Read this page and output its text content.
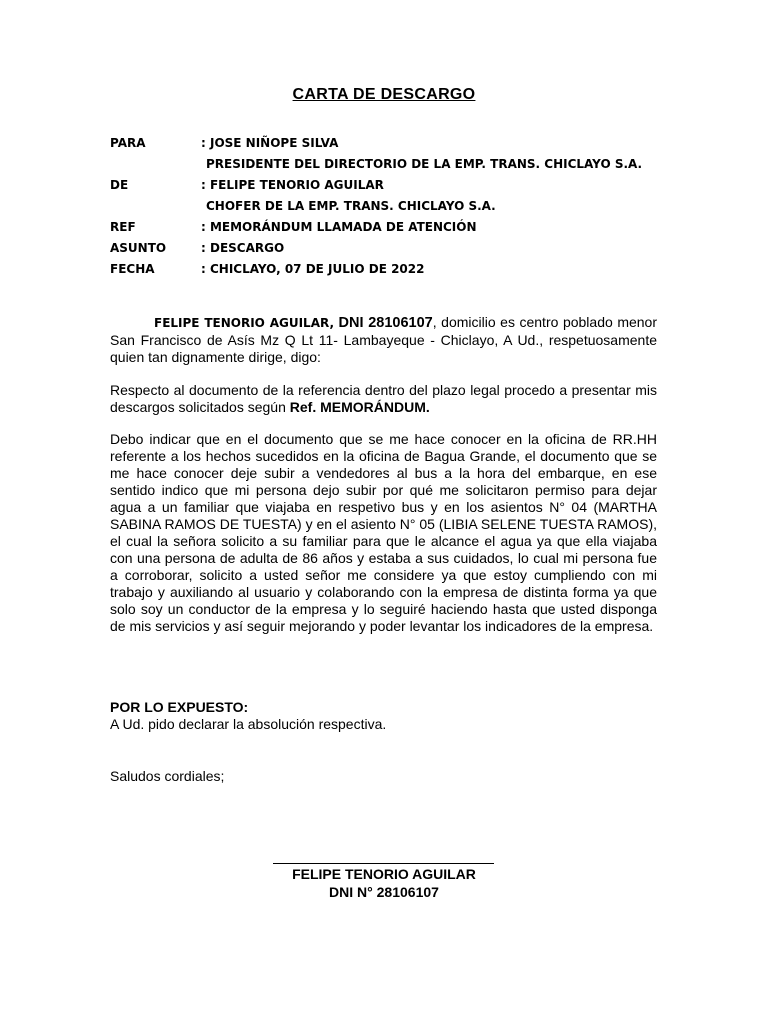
CARTA DE DESCARGO
PARA	: JOSE NIÑOPE SILVA
PRESIDENTE DEL DIRECTORIO DE LA EMP. TRANS. CHICLAYO S.A.
DE	: FELIPE TENORIO AGUILAR
CHOFER DE LA EMP. TRANS. CHICLAYO S.A.
REF	: MEMORÁNDUM LLAMADA DE ATENCIÓN
ASUNTO	: DESCARGO
FECHA	: CHICLAYO, 07 DE JULIO DE 2022
FELIPE TENORIO AGUILAR, DNI 28106107, domicilio es centro poblado menor San Francisco de Asís Mz Q Lt 11- Lambayeque - Chiclayo, A Ud., respetuosamente quien tan dignamente dirige, digo:
Respecto al documento de la referencia dentro del plazo legal procedo a presentar mis descargos solicitados según Ref. MEMORÁNDUM.
Debo indicar que en el documento que se me hace conocer en la oficina de RR.HH referente a los hechos sucedidos en la oficina de Bagua Grande, el documento que se me hace conocer deje subir a vendedores al bus a la hora del embarque, en ese sentido indico que mi persona dejo subir por qué me solicitaron permiso para dejar agua a un familiar que viajaba en respetivo bus y en los asientos N° 04 (MARTHA SABINA RAMOS DE TUESTA) y en el asiento N° 05 (LIBIA SELENE TUESTA RAMOS), el cual la señora solicito a su familiar para que le alcance el agua ya que ella viajaba con una persona de adulta de 86 años y estaba a sus cuidados, lo cual mi persona fue a corroborar, solicito a usted señor me considere ya que estoy cumpliendo con mi trabajo y auxiliando al usuario y colaborando con la empresa de distinta forma ya que solo soy un conductor de la empresa y lo seguiré haciendo hasta que usted disponga de mis servicios y así seguir mejorando y poder levantar los indicadores de la empresa.
POR LO EXPUESTO:
A Ud. pido declarar la absolución respectiva.
Saludos cordiales;
FELIPE TENORIO AGUILAR
DNI N° 28106107
